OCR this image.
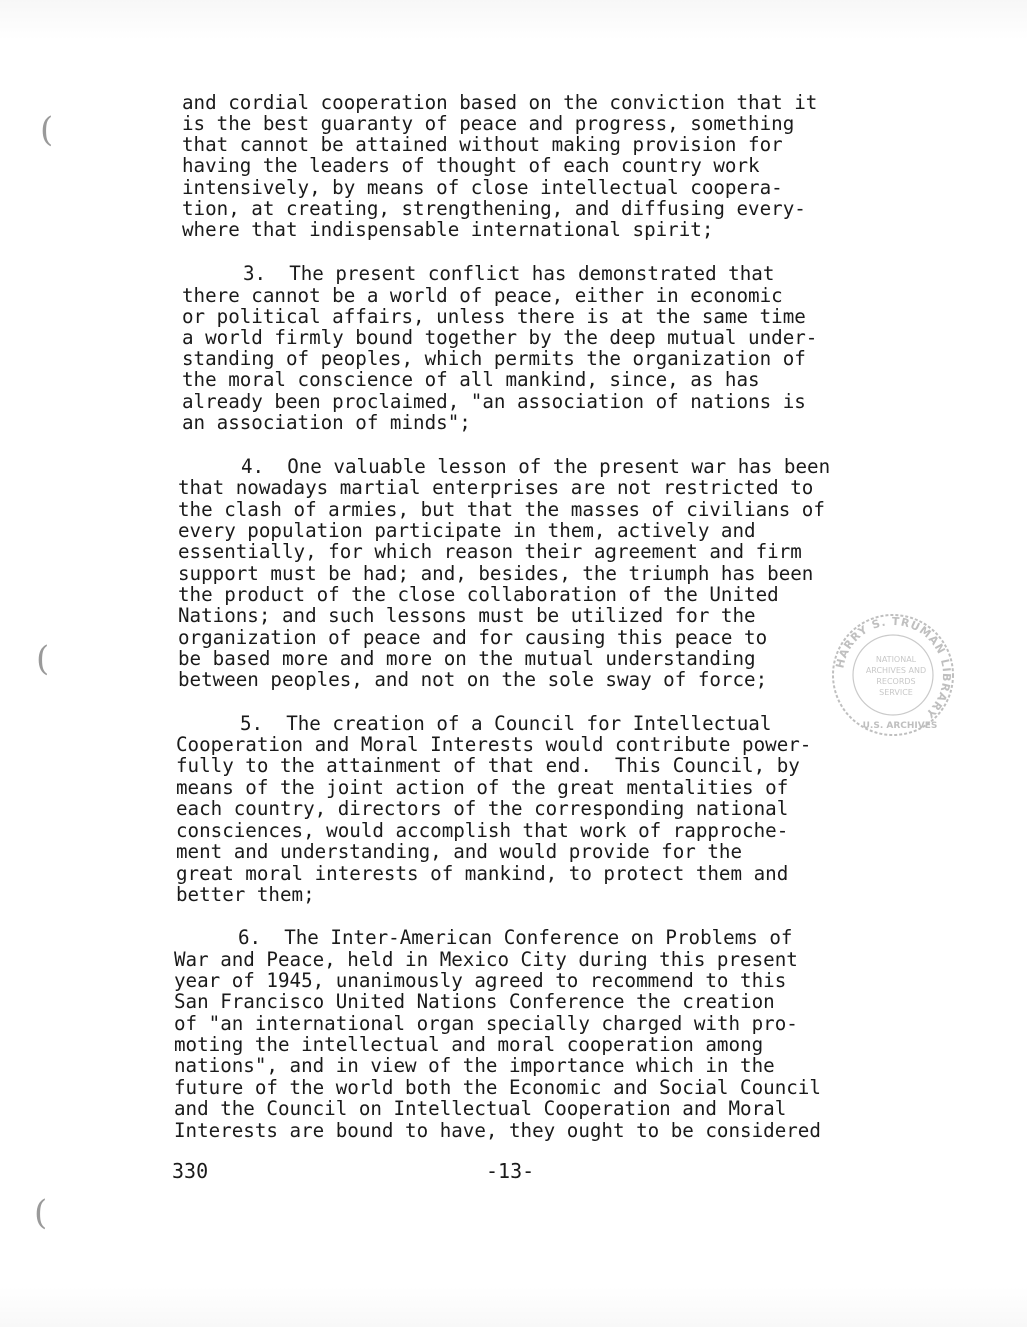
(
(
(
and cordial cooperation based on the conviction that it
is the best guaranty of peace and progress, something
that cannot be attained without making provision for
having the leaders of thought of each country work
intensively, by means of close intellectual coopera-
tion, at creating, strengthening, and diffusing every-
where that indispensable international spirit;
3.  The present conflict has demonstrated that
there cannot be a world of peace, either in economic
or political affairs, unless there is at the same time
a world firmly bound together by the deep mutual under-
standing of peoples, which permits the organization of
the moral conscience of all mankind, since, as has
already been proclaimed, "an association of nations is
an association of minds";
4.  One valuable lesson of the present war has been
that nowadays martial enterprises are not restricted to
the clash of armies, but that the masses of civilians of
every population participate in them, actively and
essentially, for which reason their agreement and firm
support must be had; and, besides, the triumph has been
the product of the close collaboration of the United
Nations; and such lessons must be utilized for the
organization of peace and for causing this peace to
be based more and more on the mutual understanding
between peoples, and not on the sole sway of force;
5.  The creation of a Council for Intellectual
Cooperation and Moral Interests would contribute power-
fully to the attainment of that end.  This Council, by
means of the joint action of the great mentalities of
each country, directors of the corresponding national
consciences, would accomplish that work of rapproche-
ment and understanding, and would provide for the
great moral interests of mankind, to protect them and
better them;
6.  The Inter-American Conference on Problems of
War and Peace, held in Mexico City during this present
year of 1945, unanimously agreed to recommend to this
San Francisco United Nations Conference the creation
of "an international organ specially charged with pro-
moting the intellectual and moral cooperation among
nations", and in view of the importance which in the
future of the world both the Economic and Social Council
and the Council on Intellectual Cooperation and Moral
Interests are bound to have, they ought to be considered
330	-13-
HARRY S. TRUMAN LIBRARY
NATIONAL
ARCHIVES AND
RECORDS
SERVICE
U.S. ARCHIVES
